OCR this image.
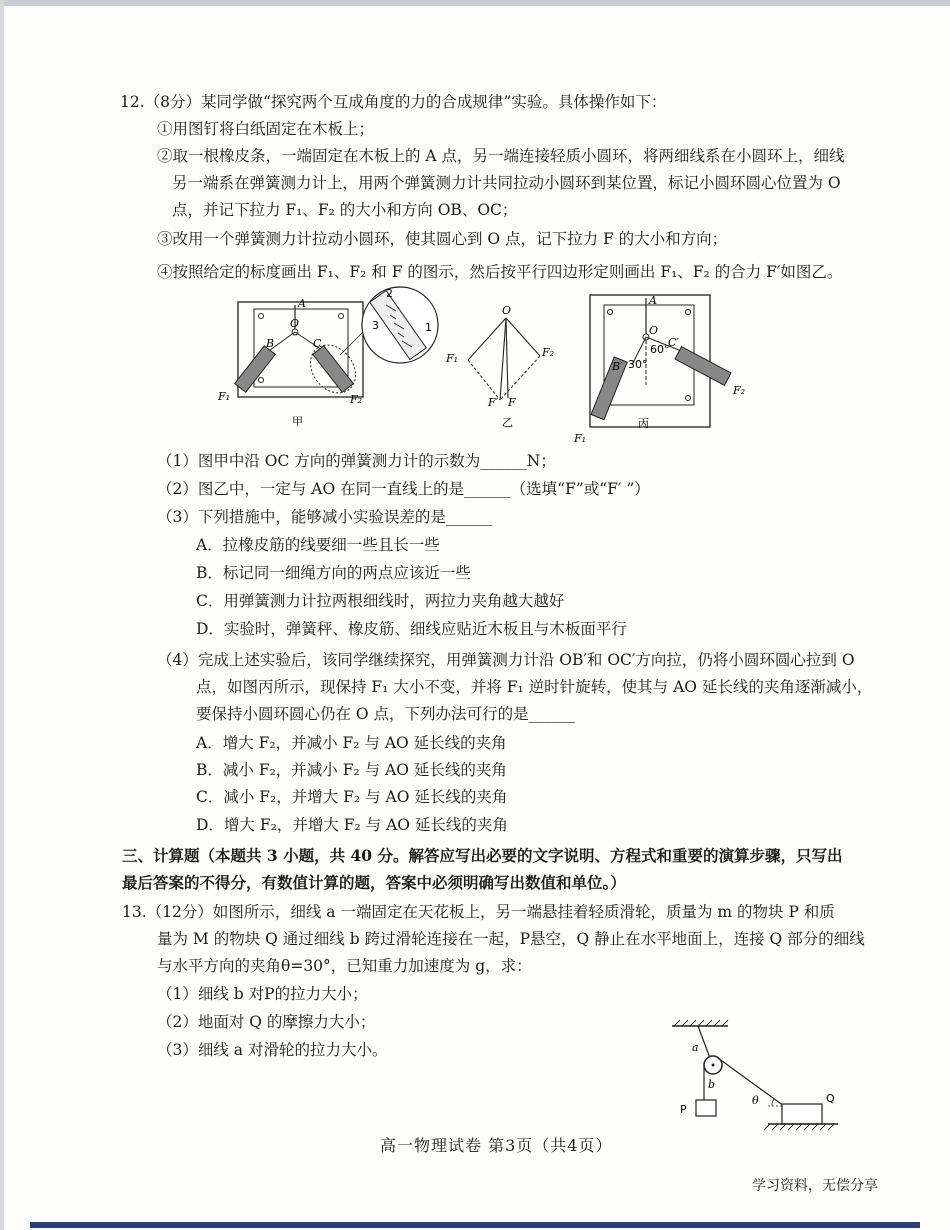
12.（8分）某同学做“探究两个互成角度的力的合成规律”实验。具体操作如下：
①用图钉将白纸固定在木板上；
②取一根橡皮条，一端固定在木板上的 A 点，另一端连接轻质小圆环，将两细线系在小圆环上，细线
另一端系在弹簧测力计上，用两个弹簧测力计共同拉动小圆环到某位置，标记小圆环圆心位置为 O
点，并记下拉力 F₁、F₂ 的大小和方向 OB、OC；
③改用一个弹簧测力计拉动小圆环，使其圆心到 O 点，记下拉力 F 的大小和方向；
④按照给定的标度画出 F₁、F₂ 和 F 的图示，然后按平行四边形定则画出 F₁、F₂ 的合力 F′如图乙。
2
3	1
A
O
B	C
F₁	F₂
甲
O
F₁	F₂
F′ F
乙
A
O
C′
B′
60°
30°
F₁
F₂
丙
（1）图甲中沿 OC 方向的弹簧测力计的示数为______N；
（2）图乙中，一定与 AO 在同一直线上的是______（选填“F”或“F′ ”）
（3）下列措施中，能够减小实验误差的是______
A．拉橡皮筋的线要细一些且长一些
B．标记同一细绳方向的两点应该近一些
C．用弹簧测力计拉两根细线时，两拉力夹角越大越好
D．实验时，弹簧秤、橡皮筋、细线应贴近木板且与木板面平行
（4）完成上述实验后，该同学继续探究，用弹簧测力计沿 OB′和 OC′方向拉，仍将小圆环圆心拉到 O
点，如图丙所示，现保持 F₁ 大小不变，并将 F₁ 逆时针旋转，使其与 AO 延长线的夹角逐渐减小，
要保持小圆环圆心仍在 O 点，下列办法可行的是______
A．增大 F₂，并减小 F₂ 与 AO 延长线的夹角
B．减小 F₂，并减小 F₂ 与 AO 延长线的夹角
C．减小 F₂，并增大 F₂ 与 AO 延长线的夹角
D．增大 F₂，并增大 F₂ 与 AO 延长线的夹角
三、计算题（本题共 3 小题，共 40 分。解答应写出必要的文字说明、方程式和重要的演算步骤，只写出
最后答案的不得分，有数值计算的题，答案中必须明确写出数值和单位。）
13.（12分）如图所示，细线 a 一端固定在天花板上，另一端悬挂着轻质滑轮，质量为 m 的物块 P 和质
量为 M 的物块 Q 通过细线 b 跨过滑轮连接在一起，P悬空，Q 静止在水平地面上，连接 Q 部分的细线
与水平方向的夹角θ=30°，已知重力加速度为 g，求：
（1）细线 b 对P的拉力大小；
（2）地面对 Q 的摩擦力大小；
（3）细线 a 对滑轮的拉力大小。	a
b
P
Q
θ
高一物理试卷 第3页（共4页）
学习资料，无偿分享
